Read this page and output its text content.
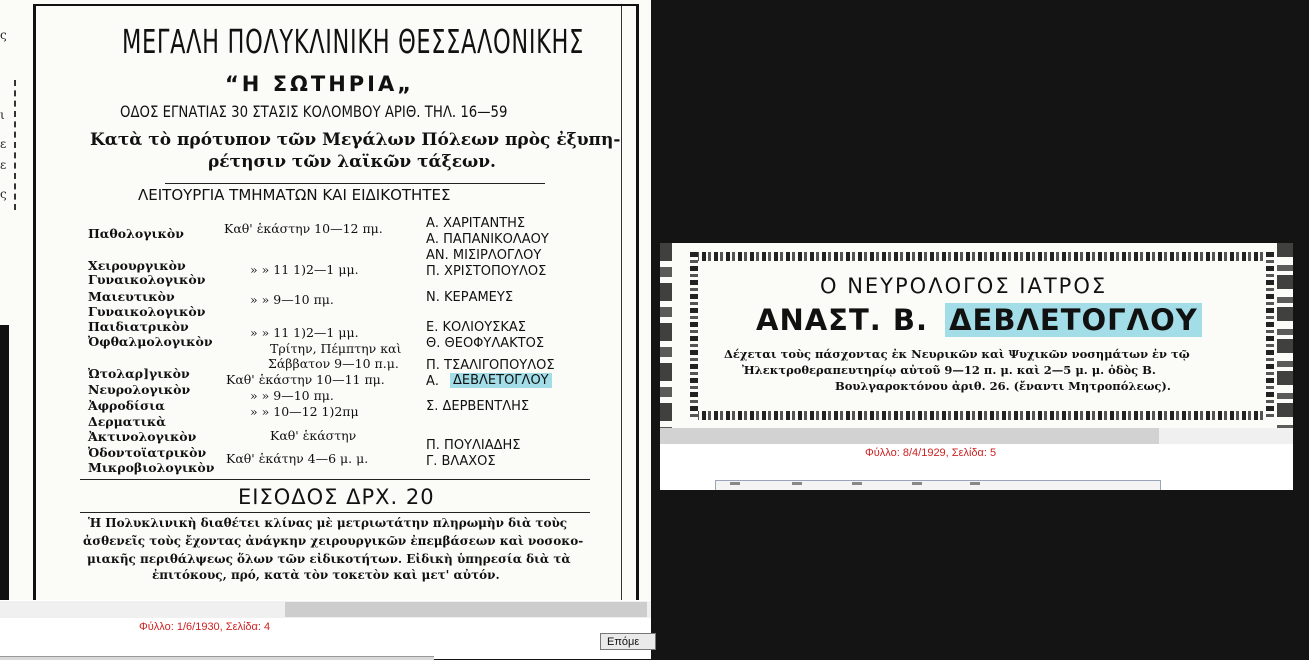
ς
ι
ε
ε
ς
ΜΕΓΑΛΗ ΠΟΛΥΚΛΙΝΙΚΗ ΘΕΣΣΑΛΟΝΙΚΗΣ
“Η ΣΩΤΗΡΙΑ„
ΟΔΟΣ ΕΓΝΑΤΙΑΣ 30 ΣΤΑΣΙΣ ΚΟΛΟΜΒΟΥ ΑΡΙΘ. ΤΗΛ. 16—59
Κατὰ τὸ πρότυπον τῶν Μεγάλων Πόλεων πρὸς ἐξυπη-
ρέτησιν τῶν λαϊκῶν τάξεων.
ΛΕΙΤΟΥΡΓΙΑ ΤΜΗΜΑΤΩΝ ΚΑΙ ΕΙΔΙΚΟΤΗΤΕΣ
Παθολογικὸν
Χειρουργικὸν
Γυναικολογικὸν
Μαιευτικὸν
Γυναικολογικὸν
Παιδιατρικὸν
Ὀφθαλμολογικὸν
Ὠτολαρ]γικὸν
Νευρολογικὸν
Ἀφροδίσια
Δερματικὰ
Ἀκτινολογικὸν
Ὀδοντοϊατρικὸν
Μικροβιολογικὸν
Καθ' ἑκάστην 10—12 πμ.
» » 11 1)2—1 μμ.
» » 9—10 πμ.
» » 11 1)2—1 μμ.
Τρίτην, Πέμπτην καὶ
Σάββατον 9—10 π.μ.
Καθ' ἑκάστην 10—11 πμ.
» » 9—10 πμ.
» » 10—12 1)2πμ
Καθ' ἑκάστην
Καθ' ἑκάτην 4—6 μ. μ.
Α. ΧΑΡΙΤΑΝΤΗΣ
Α. ΠΑΠΑΝΙΚΟΛΑΟΥ
ΑΝ. ΜΙΣΙΡΛΟΓΛΟΥ
Π. ΧΡΙΣΤΟΠΟΥΛΟΣ
Ν. ΚΕΡΑΜΕΥΣ
Ε. ΚΟΛΙΟΥΣΚΑΣ
Θ. ΘΕΟΦΥΛΑΚΤΟΣ
Π. ΤΣΑΛΙΓΟΠΟΥΛΟΣ
Α. ΔΕΒΛΕΤΟΓΛΟΥ
Σ. ΔΕΡΒΕΝΤΛΗΣ
Π. ΠΟΥΛΙΑΔΗΣ
Γ. ΒΛΑΧΟΣ
ΕΙΣΟΔΟΣ ΔΡΧ. 20
Ἡ Πολυκλινικὴ διαθέτει κλίνας μὲ μετριωτάτην πληρωμὴν διὰ τοὺς
ἀσθενεῖς τοὺς ἔχοντας ἀνάγκην χειρουργικῶν ἐπεμβάσεων καὶ νοσοκο-
μιακῆς περιθάλψεως ὅλων τῶν εἰδικοτήτων. Εἰδικὴ ὑπηρεσία διὰ τὰ
ἐπιτόκους, πρό, κατὰ τὸν τοκετὸν καὶ μετ' αὐτόν.
Φύλλο: 1/6/1930, Σελίδα: 4
Επόμε
Ο ΝΕΥΡΟΛΟΓΟΣ ΙΑΤΡΟΣ
ΑΝΑΣΤ. Β. ΔΕΒΛΕΤΟΓΛΟΥ
Δέχεται τοὺς πάσχοντας ἐκ Νευρικῶν καὶ Ψυχικῶν νοσημάτων ἐν τῷ
Ἠλεκτροθεραπευτηρίῳ αὐτοῦ 9—12 π. μ. καὶ 2—5 μ. μ. ὁδὸς Β.
Βουλγαροκτόνου ἀριθ. 26. (ἔναντι Μητροπόλεως).
Φύλλο: 8/4/1929, Σελίδα: 5
